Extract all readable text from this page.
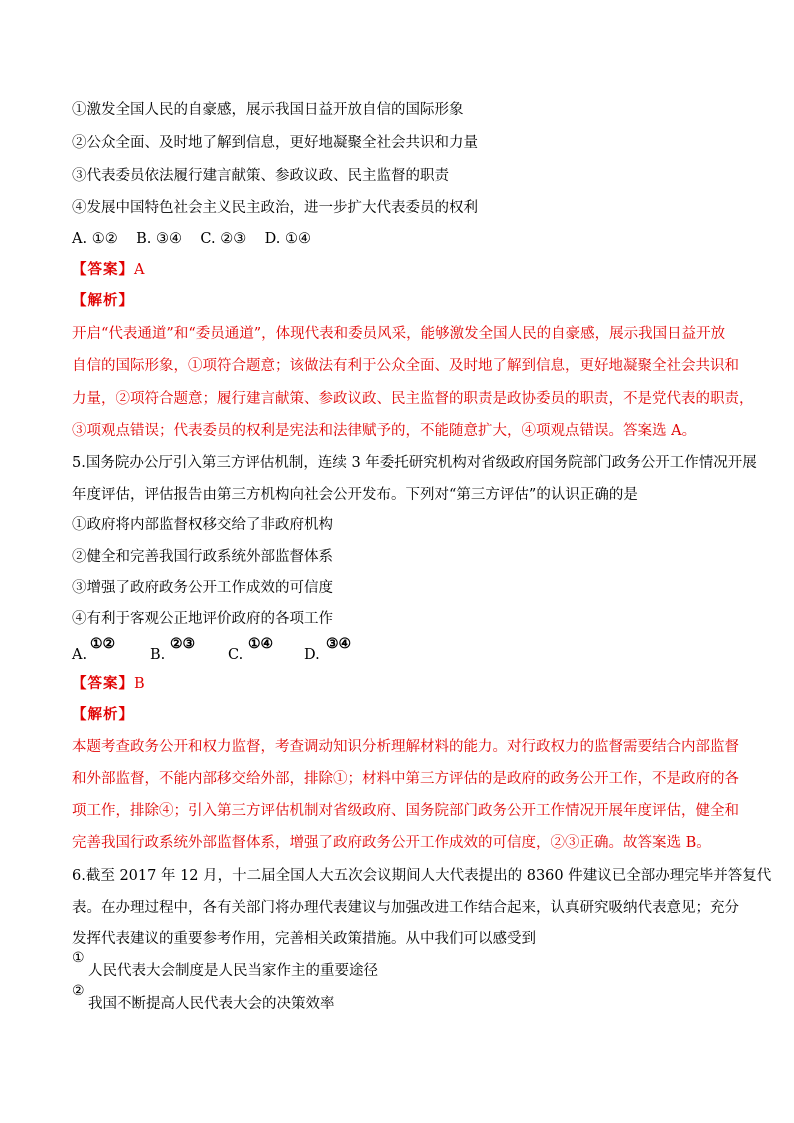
①激发全国人民的自豪感，展示我国日益开放自信的国际形象
②公众全面、及时地了解到信息，更好地凝聚全社会共识和力量
③代表委员依法履行建言献策、参政议政、民主监督的职责
④发展中国特色社会主义民主政治，进一步扩大代表委员的权利
A. ①②    B. ③④    C. ②③    D. ①④
【答案】A
【解析】
开启“代表通道”和“委员通道”，体现代表和委员风采，能够激发全国人民的自豪感，展示我国日益开放
自信的国际形象，①项符合题意；该做法有利于公众全面、及时地了解到信息，更好地凝聚全社会共识和
力量，②项符合题意；履行建言献策、参政议政、民主监督的职责是政协委员的职责，不是党代表的职责，
③项观点错误；代表委员的权利是宪法和法律赋予的，不能随意扩大，④项观点错误。答案选 A。
5.国务院办公厅引入第三方评估机制，连续 3 年委托研究机构对省级政府国务院部门政务公开工作情况开展
年度评估，评估报告由第三方机构向社会公开发布。下列对“第三方评估”的认识正确的是
①政府将内部监督权移交给了非政府机构
②健全和完善我国行政系统外部监督体系
③增强了政府政务公开工作成效的可信度
④有利于客观公正地评价政府的各项工作
A.
①②
B.
②③
C.
①④
D.
③④
【答案】B
【解析】
本题考查政务公开和权力监督，考查调动知识分析理解材料的能力。对行政权力的监督需要结合内部监督
和外部监督，不能内部移交给外部，排除①；材料中第三方评估的是政府的政务公开工作，不是政府的各
项工作，排除④；引入第三方评估机制对省级政府、国务院部门政务公开工作情况开展年度评估，健全和
完善我国行政系统外部监督体系，增强了政府政务公开工作成效的可信度，②③正确。故答案选 B。
6.截至 2017 年 12 月，十二届全国人大五次会议期间人大代表提出的 8360 件建议已全部办理完毕并答复代
表。在办理过程中，各有关部门将办理代表建议与加强改进工作结合起来，认真研究吸纳代表意见；充分
发挥代表建议的重要参考作用，完善相关政策措施。从中我们可以感受到
①
人民代表大会制度是人民当家作主的重要途径
②
我国不断提高人民代表大会的决策效率
